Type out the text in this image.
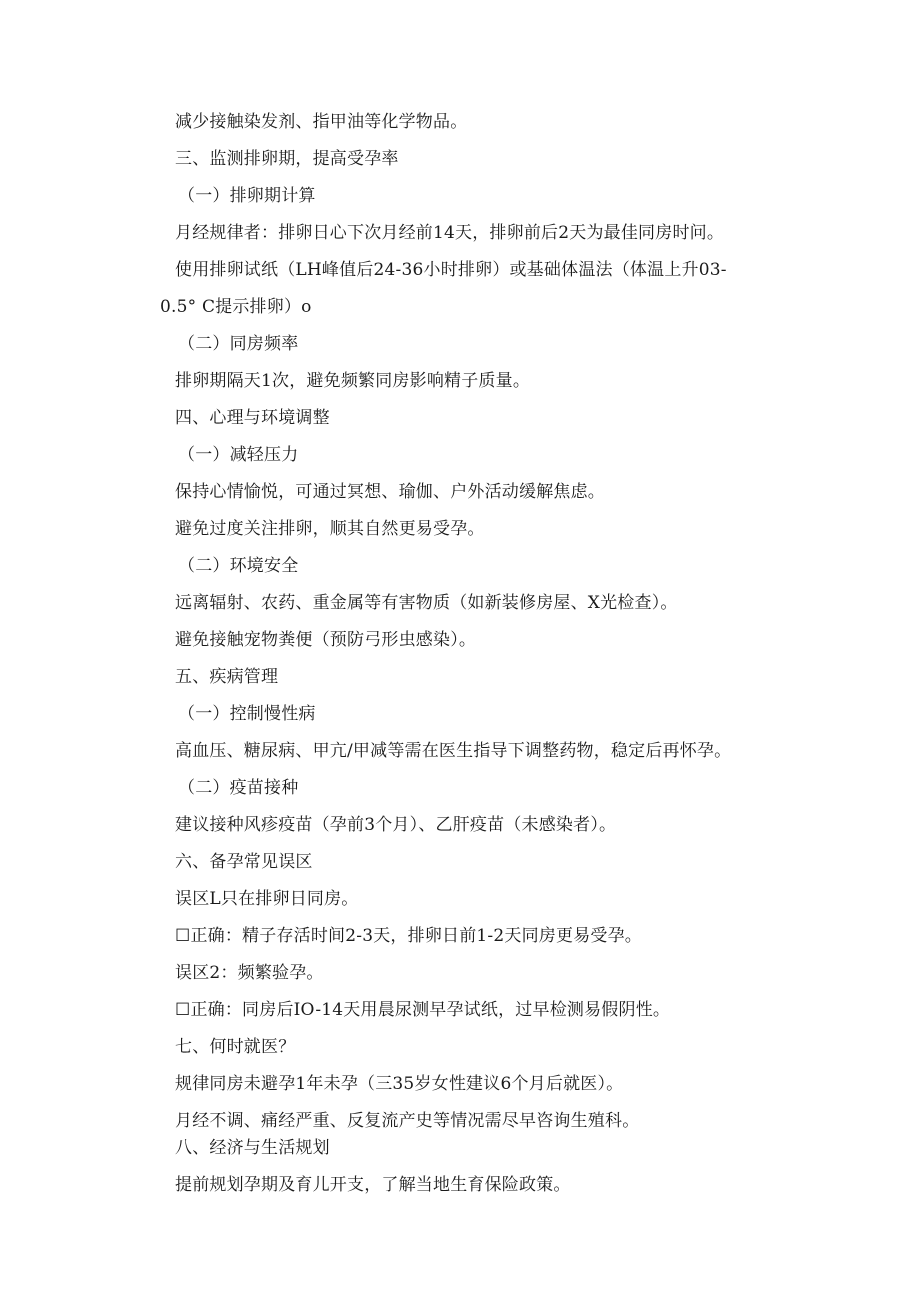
减少接触染发剂、指甲油等化学物品。
三、监测排卵期，提高受孕率
（一）排卵期计算
月经规律者：排卵日心下次月经前14天，排卵前后2天为最佳同房时问。
使用排卵试纸（LH峰值后24-36小时排卵）或基础体温法（体温上升03-
0.5° C提示排卵）o
（二）同房频率
排卵期隔天1次，避免频繁同房影响精子质量。
四、心理与环境调整
（一）减轻压力
保持心情愉悦，可通过冥想、瑜伽、户外活动缓解焦虑。
避免过度关注排卵，顺其自然更易受孕。
（二）环境安全
远离辐射、农药、重金属等有害物质（如新装修房屋、X光检查）。
避免接触宠物粪便（预防弓形虫感染）。
五、疾病管理
（一）控制慢性病
高血压、糖尿病、甲亢/甲减等需在医生指导下调整药物，稳定后再怀孕。
（二）疫苗接种
建议接种风疹疫苗（孕前3个月）、乙肝疫苗（未感染者）。
六、备孕常见误区
误区L只在排卵日同房。
☐正确：精子存活时间2-3天，排卵日前1-2天同房更易受孕。
误区2：频繁验孕。
☐正确：同房后IO-14天用晨尿测早孕试纸，过早检测易假阴性。
七、何时就医？
规律同房未避孕1年未孕（三35岁女性建议6个月后就医）。
月经不调、痛经严重、反复流产史等情况需尽早咨询生殖科。
八、经济与生活规划
提前规划孕期及育儿开支，了解当地生育保险政策。
